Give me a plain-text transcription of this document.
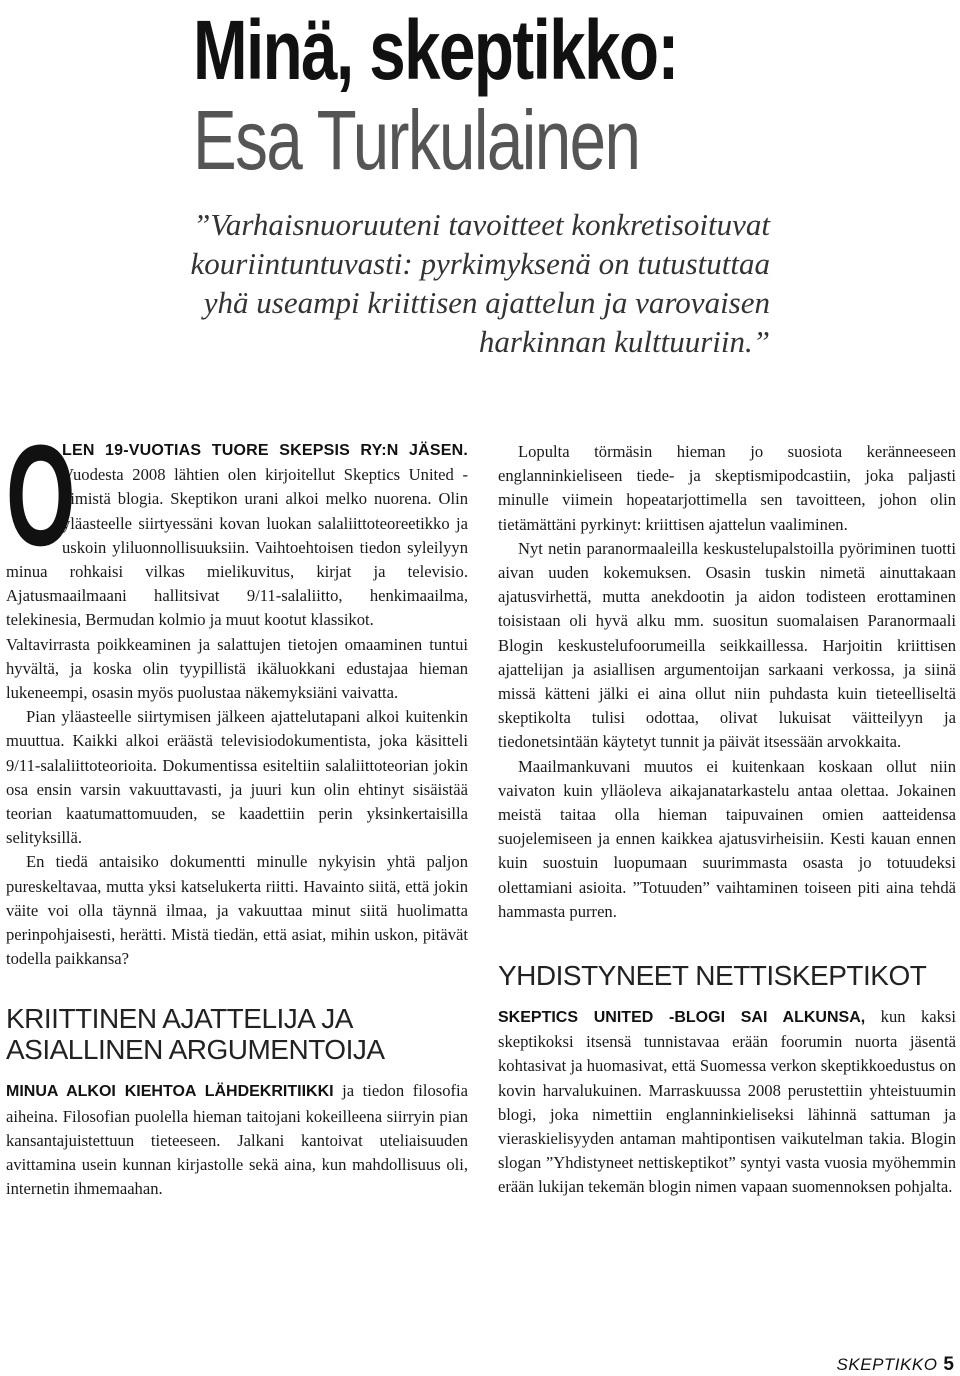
Minä, skeptikko:
Esa Turkulainen
”Varhaisnuoruuteni tavoitteet konkretisoituvat kouriintuntuvasti: pyrkimyksenä on tutustuttaa yhä useampi kriittisen ajattelun ja varovaisen harkinnan kulttuuriin.”

O
LEN 19-VUOTIAS TUORE SKEPSIS RY:N JÄSEN. Vuodesta 2008 lähtien olen kirjoitellut Skeptics United -nimistä blogia. Skeptikon urani alkoi melko nuorena. Olin yläasteelle siirtyessäni kovan luokan salaliittoteoreetikko ja uskoin yliluonnollisuuksiin. Vaihtoehtoisen tiedon syleilyyn minua rohkaisi vilkas mielikuvitus, kirjat ja televisio. Ajatusmaailmaani hallitsivat 9/11-salaliitto, henkimaailma, telekinesia, Bermudan kolmio ja muut kootut klassikot.

Valtavirrasta poikkeaminen ja salattujen tietojen omaaminen tuntui hyvältä, ja koska olin tyypillistä ikäluokkani edustajaa hieman lukeneempi, osasin myös puolustaa näkemyksiäni vaivatta.

Pian yläasteelle siirtymisen jälkeen ajattelutapani alkoi kuitenkin muuttua. Kaikki alkoi eräästä televisiodokumentista, joka käsitteli 9/11-salaliittoteorioita. Dokumentissa esiteltiin salaliittoteorian jokin osa ensin varsin vakuuttavasti, ja juuri kun olin ehtinyt sisäistää teorian kaatumattomuuden, se kaadettiin perin yksinkertaisilla selityksillä.

En tiedä antaisiko dokumentti minulle nykyisin yhtä paljon pureskeltavaa, mutta yksi katselukerta riitti. Havainto siitä, että jokin väite voi olla täynnä ilmaa, ja vakuuttaa minut siitä huolimatta perinpohjaisesti, herätti. Mistä tiedän, että asiat, mihin uskon, pitävät todella paikkansa?

KRIITTINEN AJATTELIJA JA ASIALLINEN ARGUMENTOIJA

MINUA ALKOI KIEHTOA LÄHDEKRITIIKKI ja tiedon filosofia aiheina. Filosofian puolella hieman taitojani kokeilleena siirryin pian kansantajuistettuun tieteeseen. Jalkani kantoivat uteliaisuuden avittamina usein kunnan kirjastolle sekä aina, kun mahdollisuus oli, internetin ihmemaahan.

Lopulta törmäsin hieman jo suosiota keränneeseen englanninkieliseen tiede- ja skeptismipodcastiin, joka paljasti minulle viimein hopeatarjottimella sen tavoitteen, johon olin tietämättäni pyrkinyt: kriittisen ajattelun vaaliminen.

Nyt netin paranormaaleilla keskustelupalstoilla pyöriminen tuotti aivan uuden kokemuksen. Osasin tuskin nimetä ainuttakaan ajatusvirhettä, mutta anekdootin ja aidon todisteen erottaminen toisistaan oli hyvä alku mm. suositun suomalaisen Paranormaali Blogin keskustelufoorumeilla seikkaillessa. Harjoitin kriittisen ajattelijan ja asiallisen argumentoijan sarkaani verkossa, ja siinä missä kätteni jälki ei aina ollut niin puhdasta kuin tieteelliseltä skeptikolta tulisi odottaa, olivat lukuisat väitteilyyn ja tiedonetsintään käytetyt tunnit ja päivät itsessään arvokkaita.

Maailmankuvani muutos ei kuitenkaan koskaan ollut niin vaivaton kuin ylläoleva aikajanatarkastelu antaa olettaa. Jokainen meistä taitaa olla hieman taipuvainen omien aatteidensa suojelemiseen ja ennen kaikkea ajatusvirheisiin. Kesti kauan ennen kuin suostuin luopumaan suurimmasta osasta jo totuudeksi olettamiani asioita. ”Totuuden” vaihtaminen toiseen piti aina tehdä hammasta purren.

YHDISTYNEET NETTISKEPTIKOT

SKEPTICS UNITED -BLOGI SAI ALKUNSA, kun kaksi skeptikoksi itsensä tunnistavaa erään foorumin nuorta jäsentä kohtasivat ja huomasivat, että Suomessa verkon skeptikkoedustus on kovin harvalukuinen. Marraskuussa 2008 perustettiin yhteistuumin blogi, joka nimettiin englanninkieliseksi lähinnä sattuman ja vieraskielisyyden antaman mahtipontisen vaikutelman takia. Blogin slogan ”Yhdistyneet nettiskeptikot” syntyi vasta vuosia myöhemmin erään lukijan tekemän blogin nimen vapaan suomennoksen pohjalta.

SKEPTIKKO 5
